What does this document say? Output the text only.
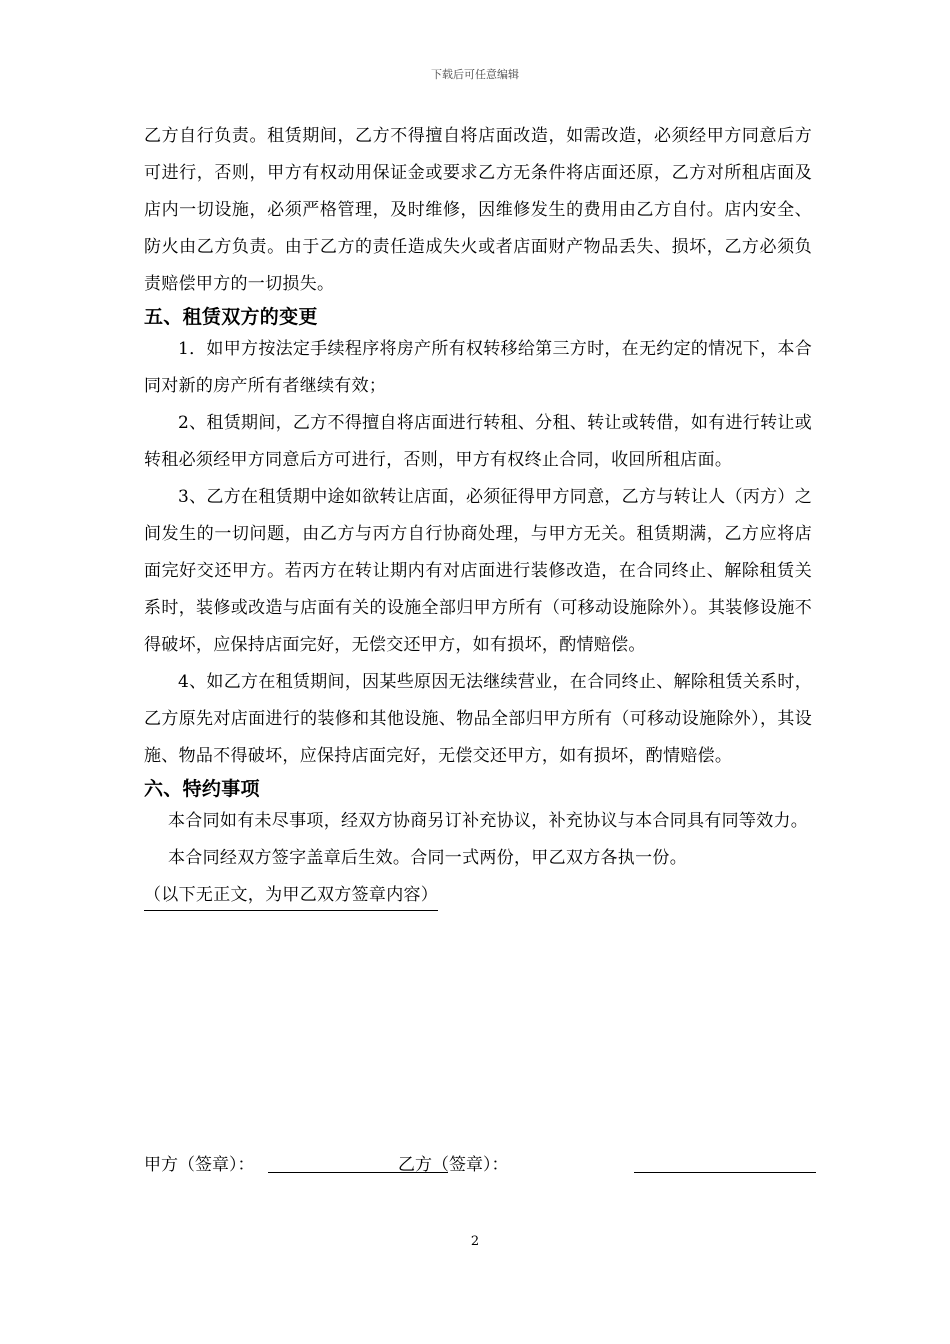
下载后可任意编辑

乙方自行负责。租赁期间，乙方不得擅自将店面改造，如需改造，必须经甲方同意后方可进行，否则，甲方有权动用保证金或要求乙方无条件将店面还原，乙方对所租店面及店内一切设施，必须严格管理，及时维修，因维修发生的费用由乙方自付。店内安全、防火由乙方负责。由于乙方的责任造成失火或者店面财产物品丢失、损坏，乙方必须负责赔偿甲方的一切损失。

五、租赁双方的变更

1．如甲方按法定手续程序将房产所有权转移给第三方时，在无约定的情况下，本合同对新的房产所有者继续有效；

2、租赁期间，乙方不得擅自将店面进行转租、分租、转让或转借，如有进行转让或转租必须经甲方同意后方可进行，否则，甲方有权终止合同，收回所租店面。

3、乙方在租赁期中途如欲转让店面，必须征得甲方同意，乙方与转让人（丙方）之间发生的一切问题，由乙方与丙方自行协商处理，与甲方无关。租赁期满，乙方应将店面完好交还甲方。若丙方在转让期内有对店面进行装修改造，在合同终止、解除租赁关系时，装修或改造与店面有关的设施全部归甲方所有（可移动设施除外）。其装修设施不得破坏，应保持店面完好，无偿交还甲方，如有损坏，酌情赔偿。

4、如乙方在租赁期间，因某些原因无法继续营业，在合同终止、解除租赁关系时，乙方原先对店面进行的装修和其他设施、物品全部归甲方所有（可移动设施除外），其设施、物品不得破坏，应保持店面完好，无偿交还甲方，如有损坏，酌情赔偿。

六、特约事项

本合同如有未尽事项，经双方协商另订补充协议，补充协议与本合同具有同等效力。

本合同经双方签字盖章后生效。合同一式两份，甲乙双方各执一份。

（以下无正文，为甲乙双方签章内容）

甲方（签章）：	乙方（签章）：
2
